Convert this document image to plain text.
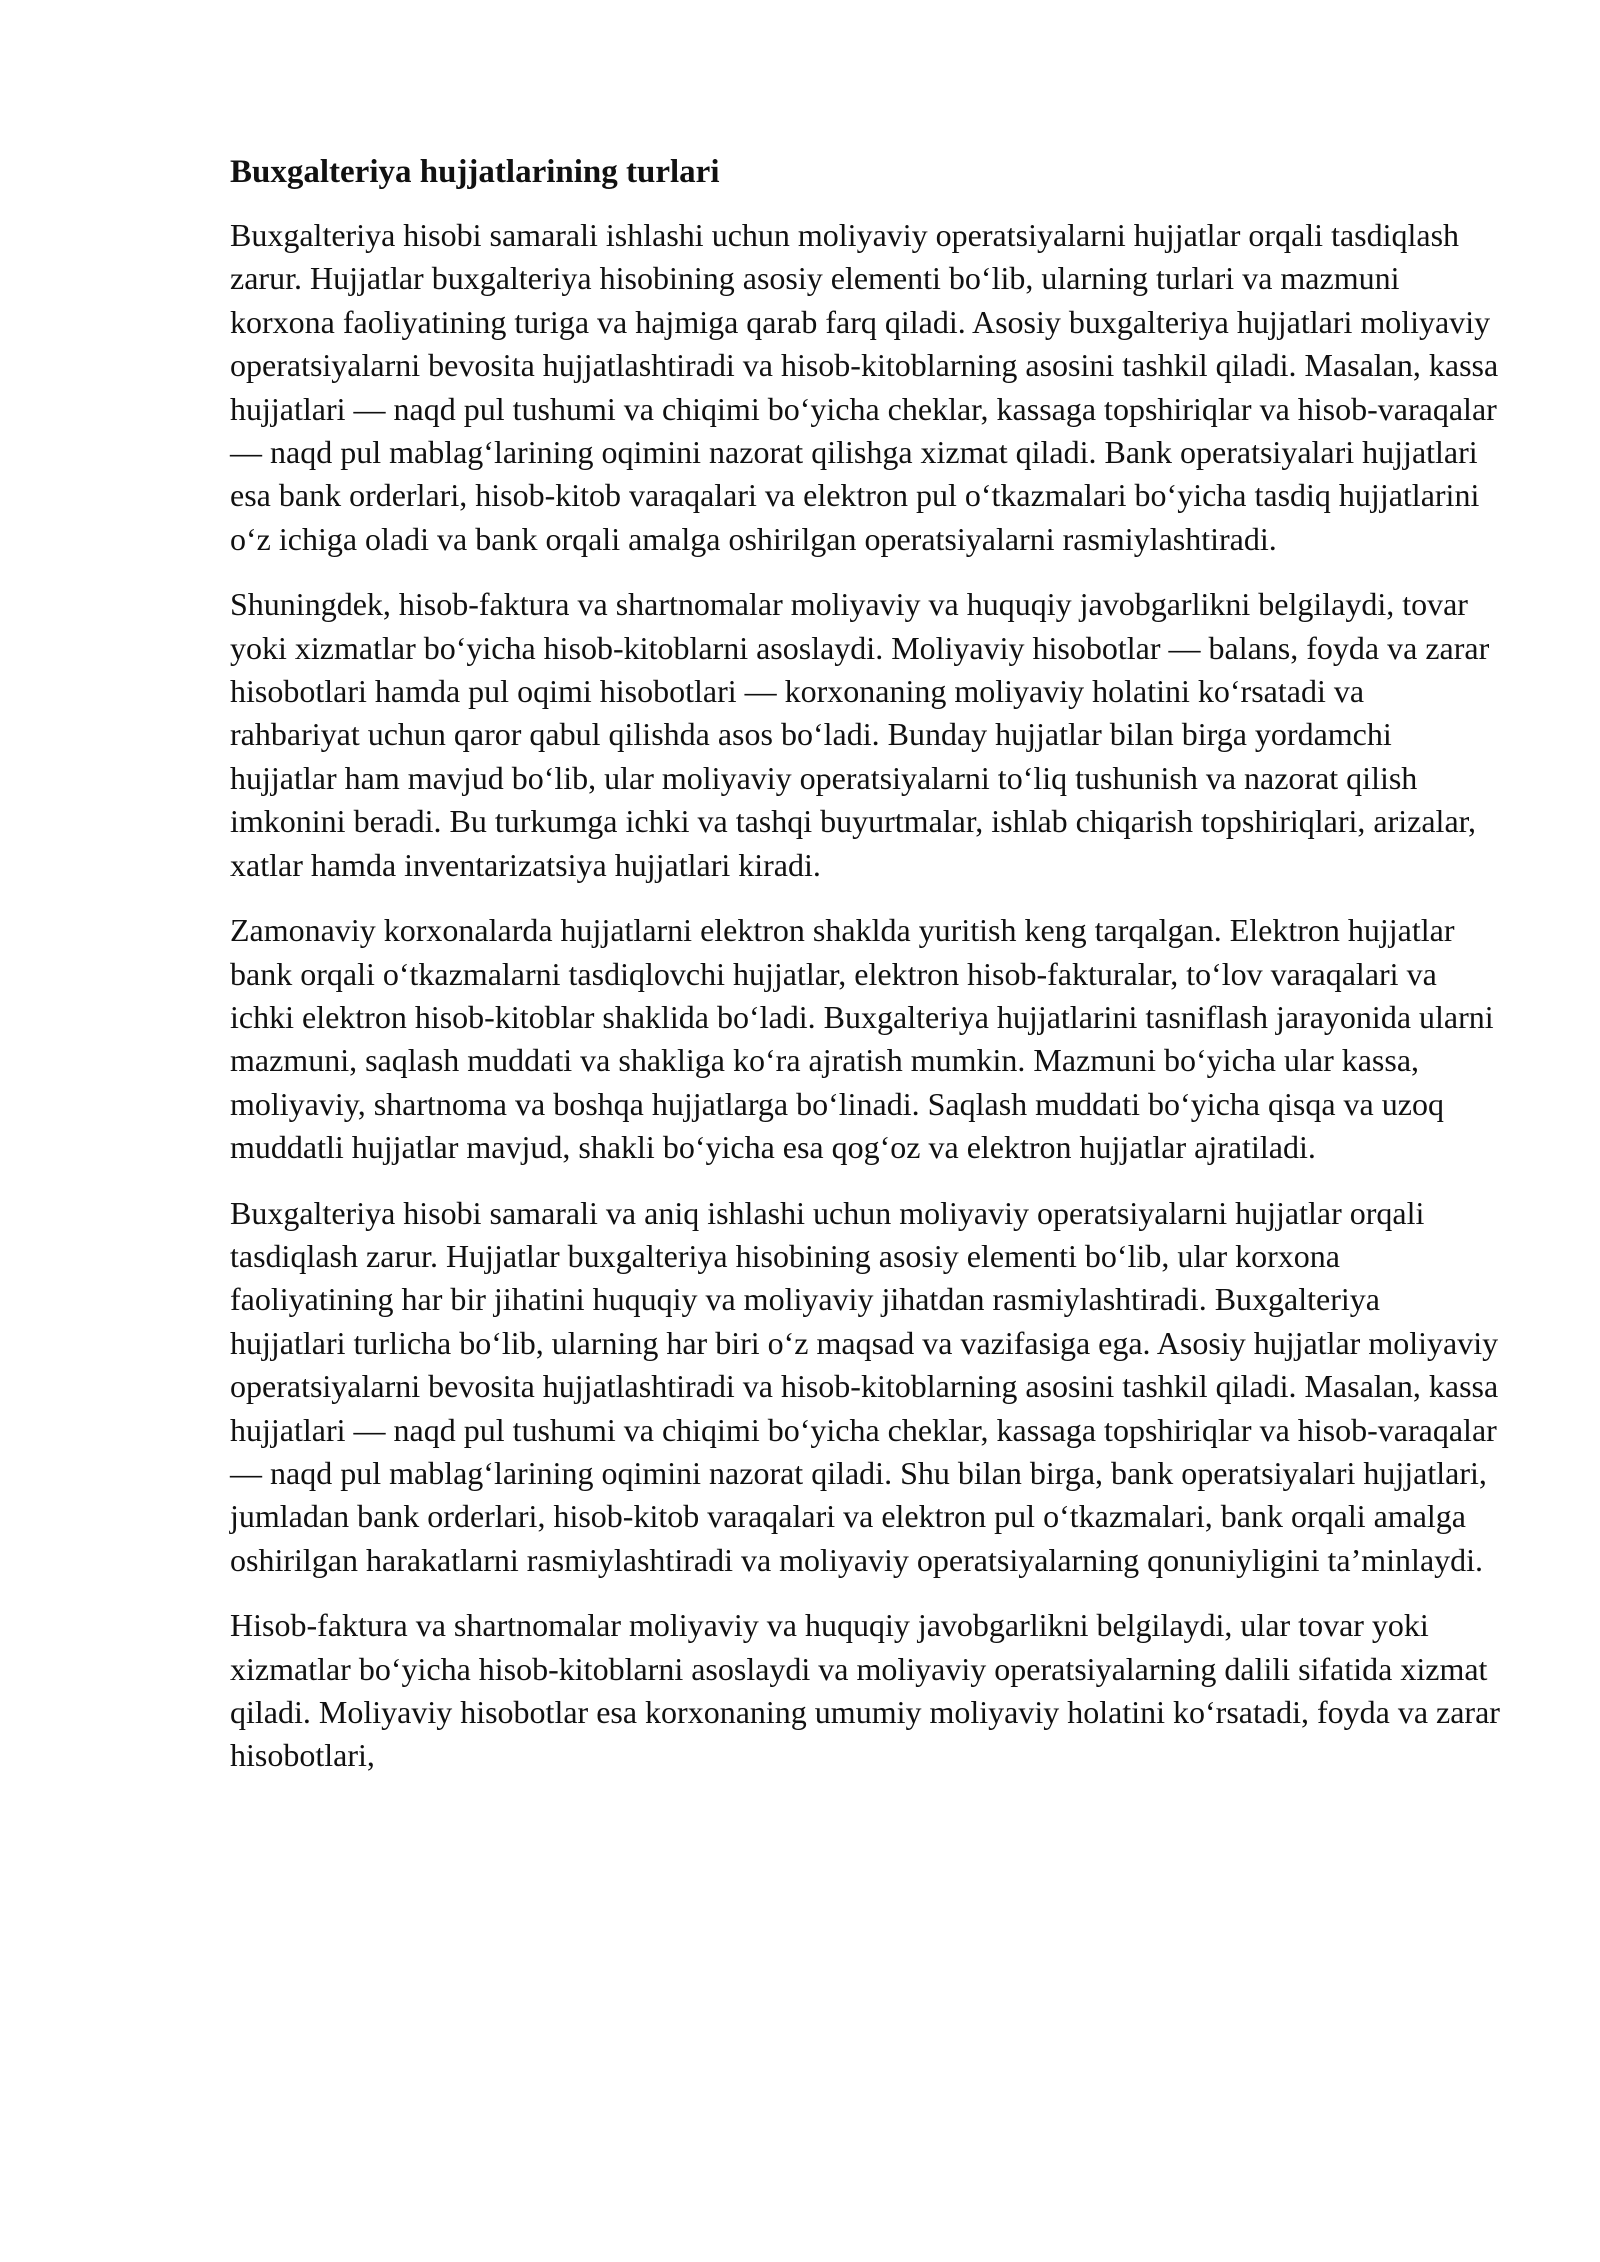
Buxgalteriya hujjatlarining turlari

Buxgalteriya hisobi samarali ishlashi uchun moliyaviy operatsiyalarni hujjatlar orqali tasdiqlash zarur. Hujjatlar buxgalteriya hisobining asosiy elementi bo‘lib, ularning turlari va mazmuni korxona faoliyatining turiga va hajmiga qarab farq qiladi. Asosiy buxgalteriya hujjatlari moliyaviy operatsiyalarni bevosita hujjatlashtiradi va hisob-kitoblarning asosini tashkil qiladi. Masalan, kassa hujjatlari — naqd pul tushumi va chiqimi bo‘yicha cheklar, kassaga topshiriqlar va hisob-varaqalar — naqd pul mablag‘larining oqimini nazorat qilishga xizmat qiladi. Bank operatsiyalari hujjatlari esa bank orderlari, hisob-kitob varaqalari va elektron pul o‘tkazmalari bo‘yicha tasdiq hujjatlarini o‘z ichiga oladi va bank orqali amalga oshirilgan operatsiyalarni rasmiylashtiradi.

Shuningdek, hisob-faktura va shartnomalar moliyaviy va huquqiy javobgarlikni belgilaydi, tovar yoki xizmatlar bo‘yicha hisob-kitoblarni asoslaydi. Moliyaviy hisobotlar — balans, foyda va zarar hisobotlari hamda pul oqimi hisobotlari — korxonaning moliyaviy holatini ko‘rsatadi va rahbariyat uchun qaror qabul qilishda asos bo‘ladi. Bunday hujjatlar bilan birga yordamchi hujjatlar ham mavjud bo‘lib, ular moliyaviy operatsiyalarni to‘liq tushunish va nazorat qilish imkonini beradi. Bu turkumga ichki va tashqi buyurtmalar, ishlab chiqarish topshiriqlari, arizalar, xatlar hamda inventarizatsiya hujjatlari kiradi.

Zamonaviy korxonalarda hujjatlarni elektron shaklda yuritish keng tarqalgan. Elektron hujjatlar bank orqali o‘tkazmalarni tasdiqlovchi hujjatlar, elektron hisob-fakturalar, to‘lov varaqalari va ichki elektron hisob-kitoblar shaklida bo‘ladi. Buxgalteriya hujjatlarini tasniflash jarayonida ularni mazmuni, saqlash muddati va shakliga ko‘ra ajratish mumkin. Mazmuni bo‘yicha ular kassa, moliyaviy, shartnoma va boshqa hujjatlarga bo‘linadi. Saqlash muddati bo‘yicha qisqa va uzoq muddatli hujjatlar mavjud, shakli bo‘yicha esa qog‘oz va elektron hujjatlar ajratiladi.

Buxgalteriya hisobi samarali va aniq ishlashi uchun moliyaviy operatsiyalarni hujjatlar orqali tasdiqlash zarur. Hujjatlar buxgalteriya hisobining asosiy elementi bo‘lib, ular korxona faoliyatining har bir jihatini huquqiy va moliyaviy jihatdan rasmiylashtiradi. Buxgalteriya hujjatlari turlicha bo‘lib, ularning har biri o‘z maqsad va vazifasiga ega. Asosiy hujjatlar moliyaviy operatsiyalarni bevosita hujjatlashtiradi va hisob-kitoblarning asosini tashkil qiladi. Masalan, kassa hujjatlari — naqd pul tushumi va chiqimi bo‘yicha cheklar, kassaga topshiriqlar va hisob-varaqalar — naqd pul mablag‘larining oqimini nazorat qiladi. Shu bilan birga, bank operatsiyalari hujjatlari, jumladan bank orderlari, hisob-kitob varaqalari va elektron pul o‘tkazmalari, bank orqali amalga oshirilgan harakatlarni rasmiylashtiradi va moliyaviy operatsiyalarning qonuniyligini ta’minlaydi.

Hisob-faktura va shartnomalar moliyaviy va huquqiy javobgarlikni belgilaydi, ular tovar yoki xizmatlar bo‘yicha hisob-kitoblarni asoslaydi va moliyaviy operatsiyalarning dalili sifatida xizmat qiladi. Moliyaviy hisobotlar esa korxonaning umumiy moliyaviy holatini ko‘rsatadi, foyda va zarar hisobotlari,
